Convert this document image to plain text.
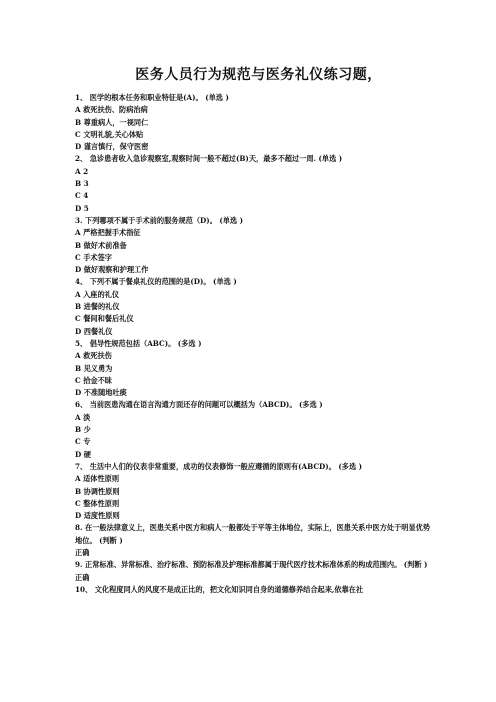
医务人员行为规范与医务礼仪练习题，
1、 医学的根本任务和职业特征是(A)。 (单选 )
A 救死扶伤、防病治病
B 尊重病人，一视同仁
C 文明礼貌,关心体贴
D 谨言慎行，保守医密
2、 急诊患者收入急诊观察室,观察时间一般不超过(B)天，最多不超过一周. (单选 )
A 2
B 3
C 4
D 5
3. 下列哪项不属于手术前的服务规范（D)。 (单选 )
A 严格把握手术指征
B 做好术前准备
C 手术签字
D 做好观察和护理工作
4、 下列不属于餐桌礼仪的范围的是(D)。 (单选 )
A 入座的礼仪
B 进餐的礼仪
C 餐间和餐后礼仪
D 西餐礼仪
5、 倡导性规范包括（ABC)。 (多选 )
A 救死扶伤
B 见义勇为
C 拾金不昧
D 不准随地吐痰
6、 当前医患沟通在语言沟通方面还存的问题可以概括为（ABCD)。 (多选 )
A 淡
B 少
C 专
D 硬
7、 生活中人们的仪表非常重要，成功的仪表修饰一般应遵循的原则有(ABCD)。 (多选 )
A 适体性原则
B 协调性原则
C 整体性原则
D 适度性原则
8. 在一般法律意义上，医患关系中医方和病人一般都处于平等主体地位，实际上，医患关系中医方处于明显优势地位。 (判断 )
正确
9. 正常标准、异常标准、治疗标准、预防标准及护理标准都属于现代医疗技术标准体系的构成范围内。 (判断 )
正确
10、 文化程度同人的风度不是成正比的，把文化知识同自身的道德修养结合起来,依靠在社
